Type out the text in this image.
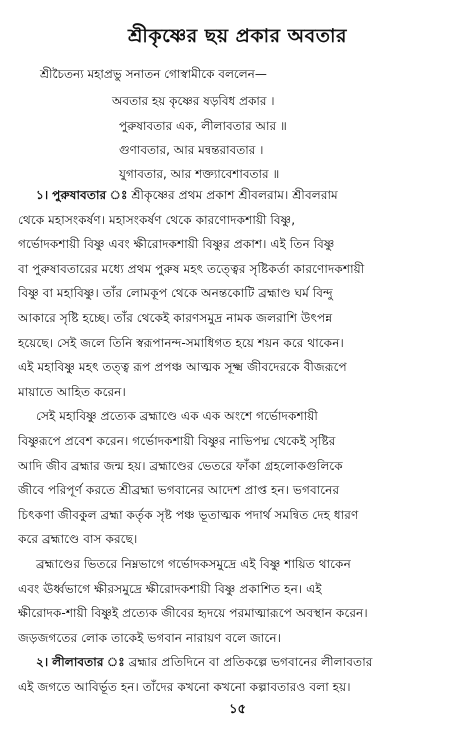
শ্রীকৃষ্ণের ছয় প্রকার অবতার
শ্রীচৈতন্য মহাপ্রভু সনাতন গোস্বামীকে বললেন—
অবতার হয় কৃষ্ণের ষড়বিধ প্রকার ।
পুরুষাবতার এক, লীলাবতার আর ॥
গুণাবতার, আর মন্বন্তরাবতার ।
যুগাবতার, আর শক্ত্যাবেশাবতার ॥
১। পুরুষাবতার ঃ শ্রীকৃষ্ণের প্রথম প্রকাশ শ্রীবলরাম। শ্রীবলরাম
থেকে মহাসংকর্ষণ। মহাসংকর্ষণ থেকে কারণোদকশায়ী বিষ্ণু,
গর্ভোদকশায়ী বিষ্ণু এবং ক্ষীরোদকশায়ী বিষ্ণুর প্রকাশ। এই তিন বিষ্ণু
বা পুরুষাবতারের মধ্যে প্রথম পুরুষ মহৎ তত্ত্বের সৃষ্টিকর্তা কারণোদকশায়ী
বিষ্ণু বা মহাবিষ্ণু। তাঁর লোমকূপ থেকে অনন্তকোটি ব্রহ্মাণ্ড ঘর্ম বিন্দু
আকারে সৃষ্টি হচ্ছে। তাঁর থেকেই কারণসমুদ্র নামক জলরাশি উৎপন্ন
হয়েছে। সেই জলে তিনি স্বরূপানন্দ-সমাধিগত হয়ে শয়ন করে থাকেন।
এই মহাবিষ্ণু মহৎ তত্ত্ব রূপ প্রপঞ্চ আত্মক সূক্ষ্ম জীবদেরকে বীজরূপে
মায়াতে আহিত করেন।
সেই মহাবিষ্ণু প্রত্যেক ব্রহ্মাণ্ডে এক এক অংশে গর্ভোদকশায়ী
বিষ্ণুরূপে প্রবেশ করেন। গর্ভোদকশায়ী বিষ্ণুর নাভিপদ্ম থেকেই সৃষ্টির
আদি জীব ব্রহ্মার জন্ম হয়। ব্রহ্মাণ্ডের ভেতরে ফাঁকা গ্রহলোকগুলিকে
জীবে পরিপূর্ণ করতে শ্রীব্রহ্মা ভগবানের আদেশ প্রাপ্ত হন। ভগবানের
চিৎকণা জীবকুল ব্রহ্মা কর্তৃক সৃষ্ট পঞ্চ ভূতাত্মক পদার্থ সমন্বিত দেহ ধারণ
করে ব্রহ্মাণ্ডে বাস করছে।
ব্রহ্মাণ্ডের ভিতরে নিম্নভাগে গর্ভোদকসমুদ্রে এই বিষ্ণু শায়িত থাকেন
এবং ঊর্ধ্বভাগে ক্ষীরসমুদ্রে ক্ষীরোদকশায়ী বিষ্ণু প্রকাশিত হন। এই
ক্ষীরোদক-শায়ী বিষ্ণুই প্রত্যেক জীবের হৃদয়ে পরমাত্মারূপে অবস্থান করেন।
জড়জগতের লোক তাকেই ভগবান নারায়ণ বলে জানে।
২। লীলাবতার ঃ ব্রহ্মার প্রতিদিনে বা প্রতিকল্পে ভগবানের লীলাবতার
এই জগতে আবির্ভূত হন। তাঁদের কখনো কখনো কল্পাবতারও বলা হয়।
১৫
